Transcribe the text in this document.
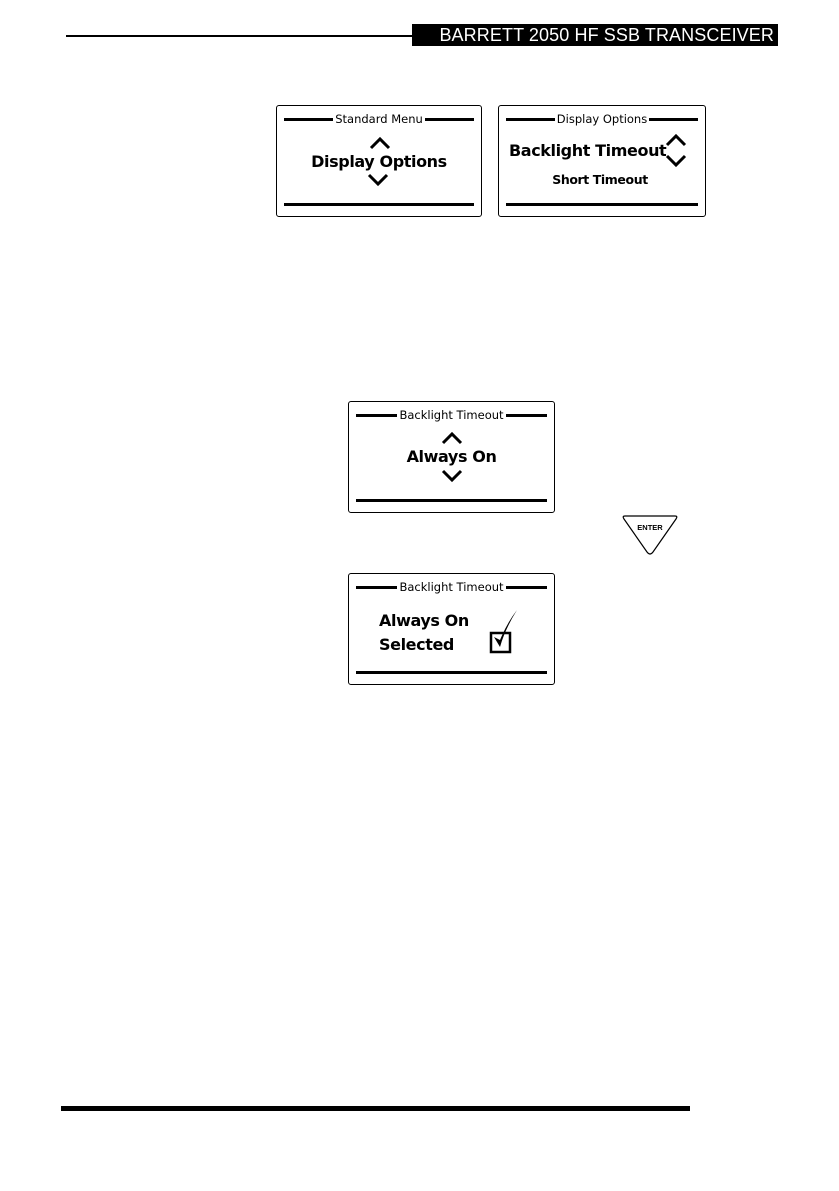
BARRETT 2050 HF SSB TRANSCEIVER
Standard Menu
Display Options
Display Options
Backlight Timeout
Short Timeout
Backlight Timeout
Always On
ENTER
Backlight Timeout
Always On
Selected
